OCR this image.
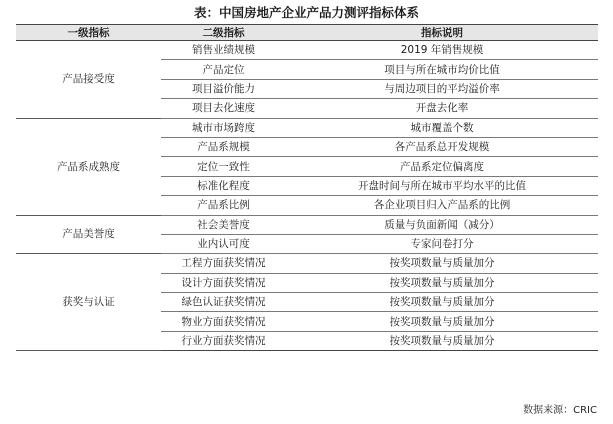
表：中国房地产企业产品力测评指标体系
一级指标	二级指标	指标说明
产品接受度	销售业绩规模	2019 年销售规模
	产品定位	项目与所在城市均价比值
	项目溢价能力	与周边项目的平均溢价率
	项目去化速度	开盘去化率
产品系成熟度	城市市场跨度	城市覆盖个数
	产品系规模	各产品系总开发规模
	定位一致性	产品系定位偏离度
	标准化程度	开盘时间与所在城市平均水平的比值
	产品系比例	各企业项目归入产品系的比例
产品美誉度	社会美誉度	质量与负面新闻（减分）
	业内认可度	专家问卷打分
获奖与认证	工程方面获奖情况	按奖项数量与质量加分
	设计方面获奖情况	按奖项数量与质量加分
	绿色认证获奖情况	按奖项数量与质量加分
	物业方面获奖情况	按奖项数量与质量加分
	行业方面获奖情况	按奖项数量与质量加分
数据来源：CRIC
